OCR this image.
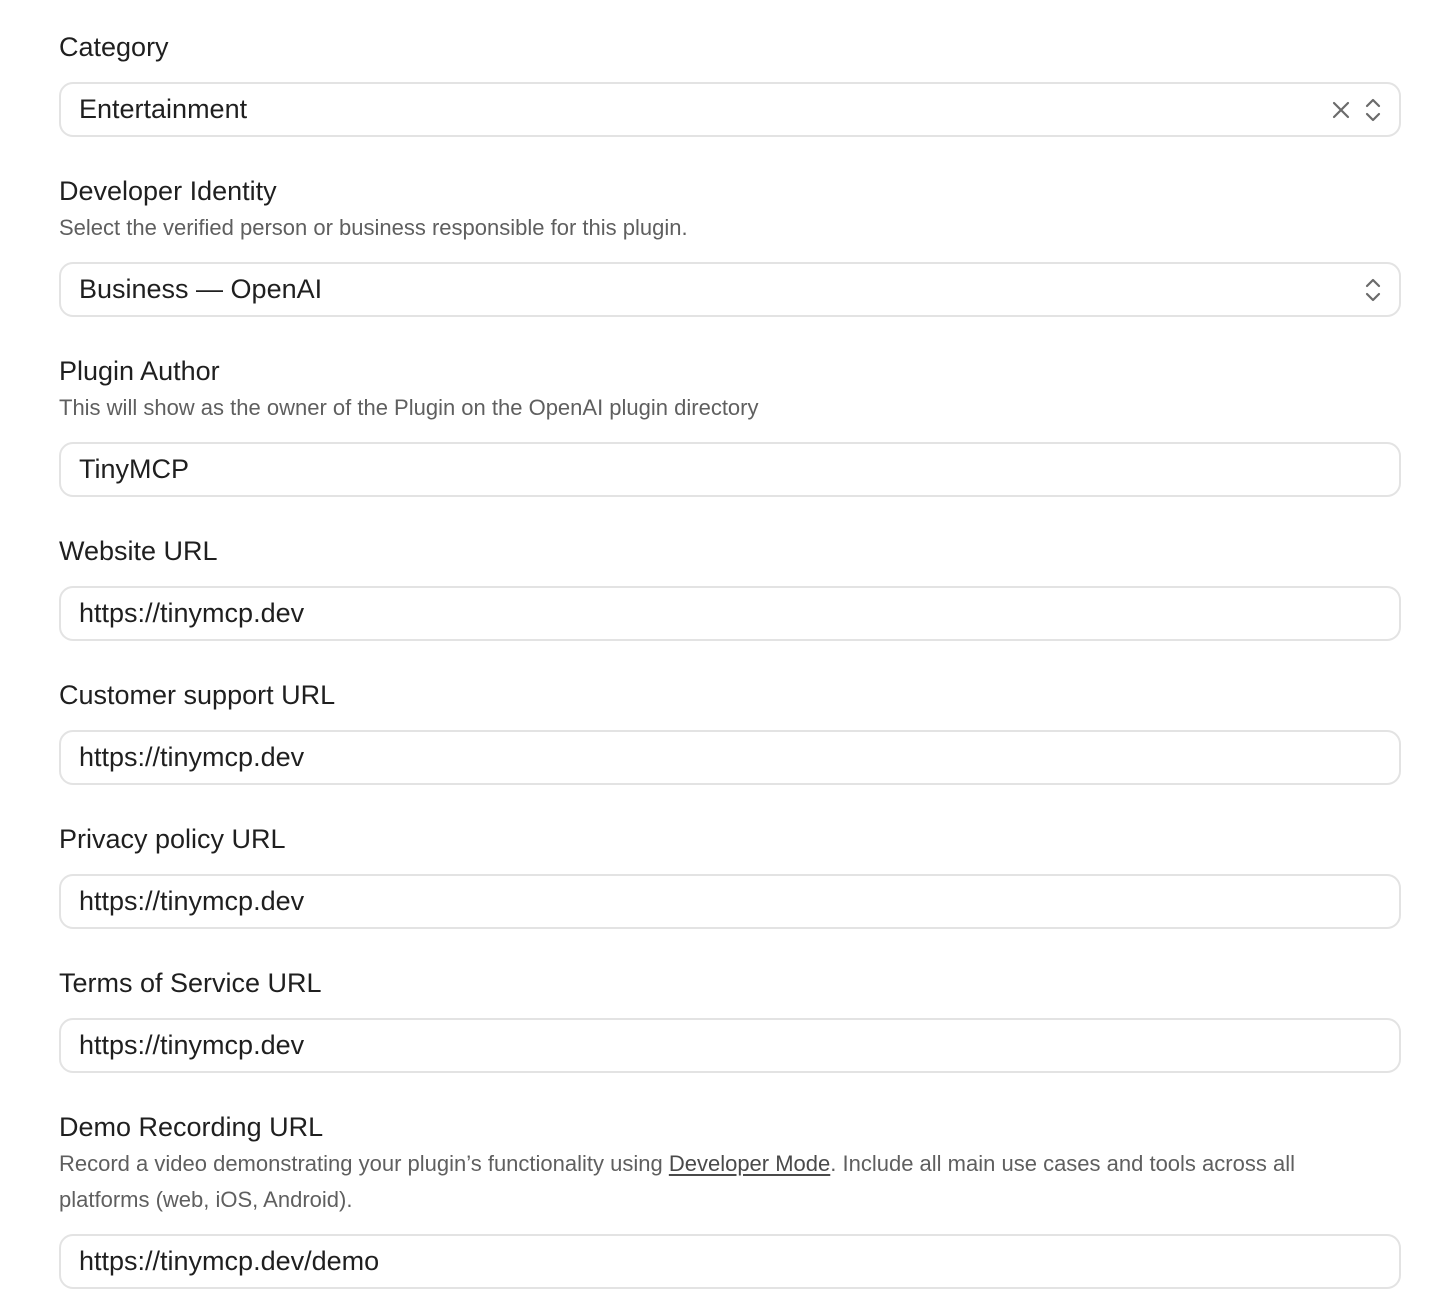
Category
Entertainment
Developer Identity
Select the verified person or business responsible for this plugin.
Business — OpenAI
Plugin Author
This will show as the owner of the Plugin on the OpenAI plugin directory
TinyMCP
Website URL
https://tinymcp.dev
Customer support URL
https://tinymcp.dev
Privacy policy URL
https://tinymcp.dev
Terms of Service URL
https://tinymcp.dev
Demo Recording URL
Record a video demonstrating your plugin’s functionality using Developer Mode. Include all main use cases and tools across all platforms (web, iOS, Android).
https://tinymcp.dev/demo
